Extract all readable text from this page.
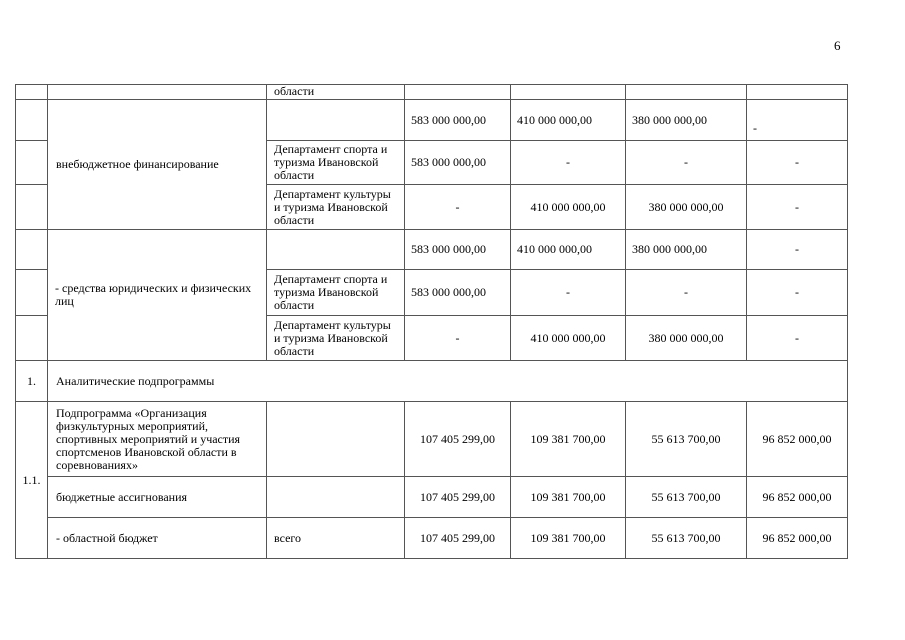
6
		области				
	внебюджетное финансирование		583 000 000,00	410 000 000,00	380 000 000,00	-
		Департамент спорта и туризма Ивановской области	583 000 000,00	-	-	-
		Департамент культуры и туризма Ивановской области	-	410 000 000,00	380 000 000,00	-
	- средства юридических и физических лиц		583 000 000,00	410 000 000,00	380 000 000,00	-
		Департамент спорта и туризма Ивановской области	583 000 000,00	-	-	-
		Департамент культуры и туризма Ивановской области	-	410 000 000,00	380 000 000,00	-
1.	Аналитические подпрограммы					
1.1.	Подпрограмма «Организация физкультурных мероприятий, спортивных мероприятий и участия спортсменов Ивановской области в соревнованиях»		107 405 299,00	109 381 700,00	55 613 700,00	96 852 000,00
	бюджетные ассигнования		107 405 299,00	109 381 700,00	55 613 700,00	96 852 000,00
	- областной бюджет	всего	107 405 299,00	109 381 700,00	55 613 700,00	96 852 000,00
